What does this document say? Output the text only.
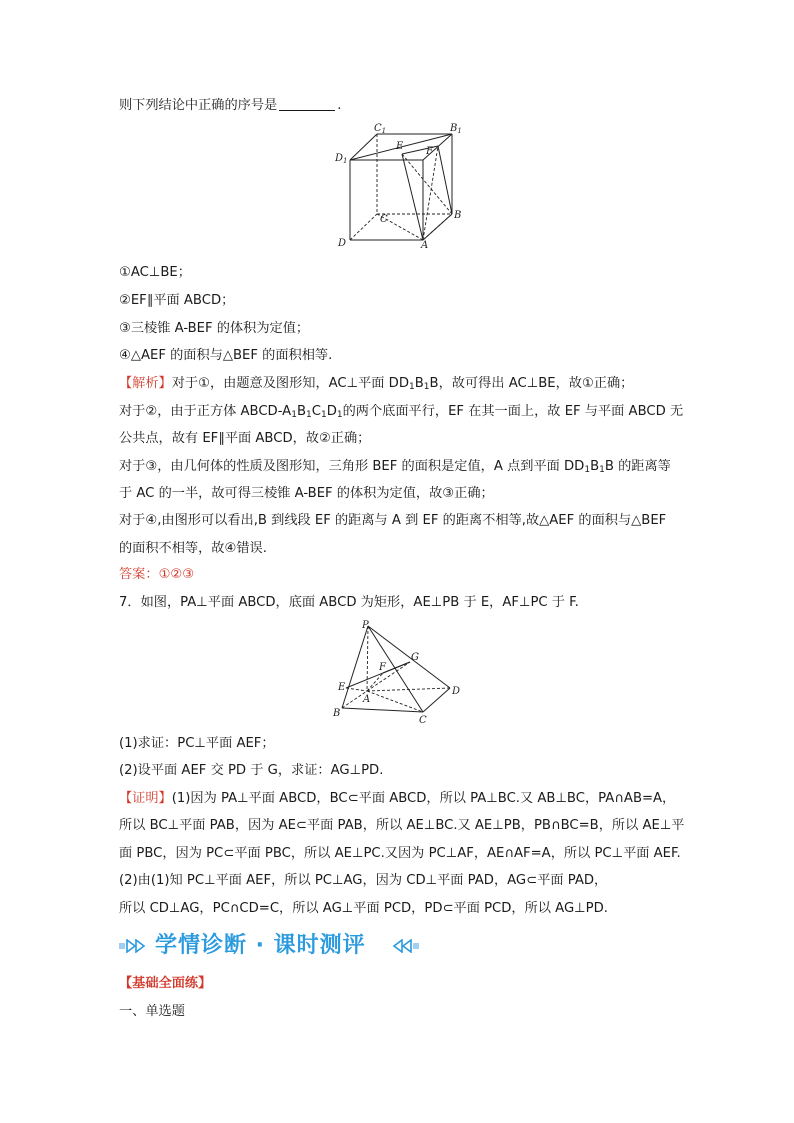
则下列结论中正确的序号是	.
$C_1$	$B_1$
$D_1$
E F
C	B
D	A
①AC⊥BE；
②EF∥平面 ABCD；
③三棱锥 A-BEF 的体积为定值；
④△AEF 的面积与△BEF 的面积相等.
【解析】对于①，由题意及图形知，AC⊥平面 $DD_1B_1B$，故可得出 AC⊥BE，故①正确；
对于②，由于正方体 ABCD-$A_1B_1C_1D_1$的两个底面平行，EF 在其一面上，故 EF 与平面 ABCD 无
公共点，故有 EF∥平面 ABCD，故②正确；
对于③，由几何体的性质及图形知，三角形 BEF 的面积是定值，A 点到平面 $DD_1B_1B$ 的距离等
于 AC 的一半，故可得三棱锥 A-BEF 的体积为定值，故③正确；
对于④,由图形可以看出,B 到线段 EF 的距离与 A 到 EF 的距离不相等,故△AEF 的面积与△BEF
的面积不相等，故④错误.
答案：①②③
7．如图，PA⊥平面 ABCD，底面 ABCD 为矩形，AE⊥PB 于 E，AF⊥PC 于 F.
P
F
G
E
A
D
B
C
(1)求证：PC⊥平面 AEF；
(2)设平面 AEF 交 PD 于 G，求证：AG⊥PD.
【证明】(1)因为 PA⊥平面 ABCD，BC⊂平面 ABCD，所以 PA⊥BC.又 AB⊥BC，PA∩AB=A，
所以 BC⊥平面 PAB，因为 AE⊂平面 PAB，所以 AE⊥BC.又 AE⊥PB，PB∩BC=B，所以 AE⊥平
面 PBC，因为 PC⊂平面 PBC，所以 AE⊥PC.又因为 PC⊥AF，AE∩AF=A，所以 PC⊥平面 AEF.
(2)由(1)知 PC⊥平面 AEF，所以 PC⊥AG，因为 CD⊥平面 PAD，AG⊂平面 PAD，
所以 CD⊥AG，PC∩CD=C，所以 AG⊥平面 PCD，PD⊂平面 PCD，所以 AG⊥PD.
学情诊断 · 课时测评
【基础全面练】
一、单选题
